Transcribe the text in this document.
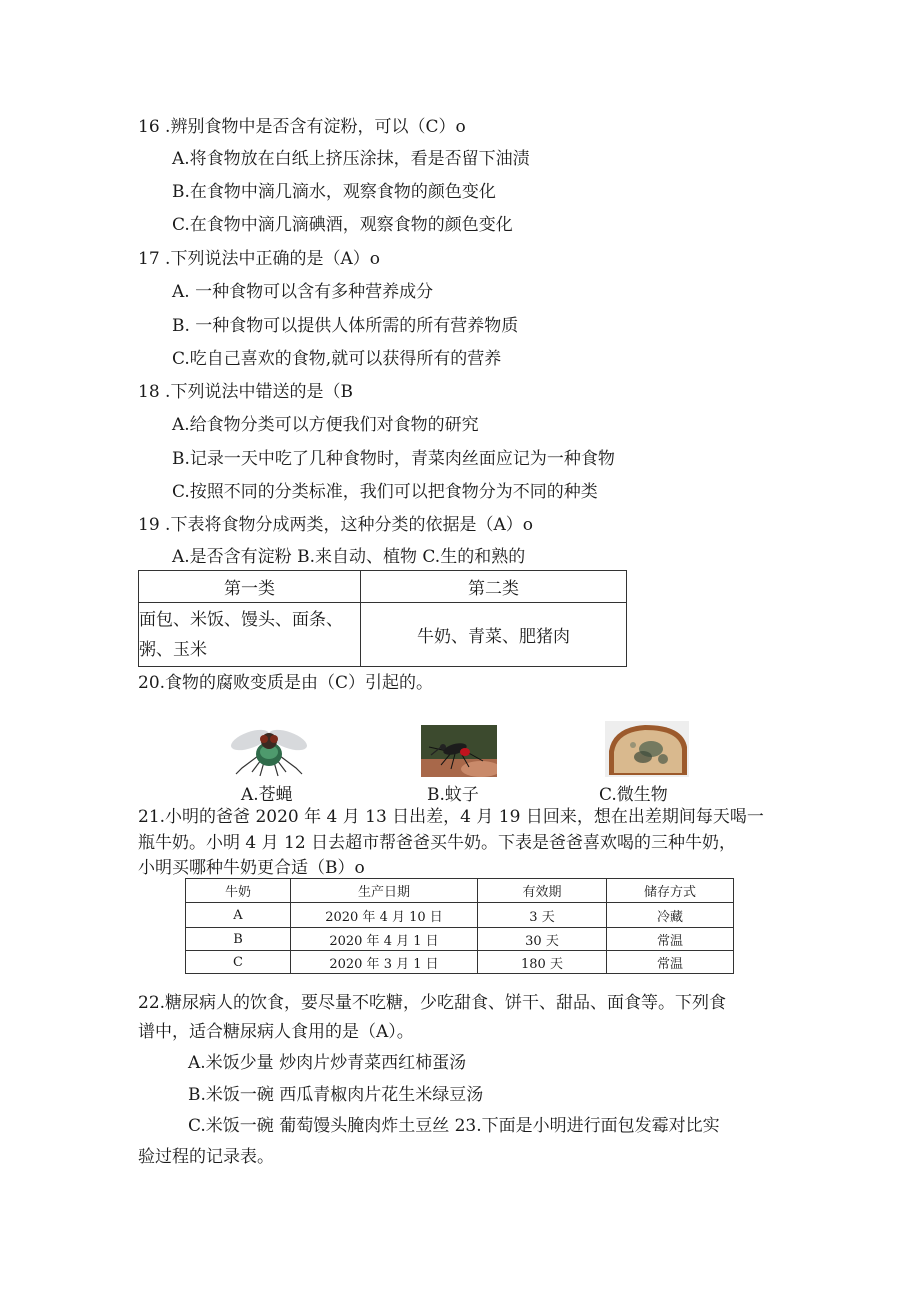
16 .辨别食物中是否含有淀粉，可以（C）o
A.将食物放在白纸上挤压涂抹，看是否留下油渍
B.在食物中滴几滴水，观察食物的颜色变化
C.在食物中滴几滴碘酒，观察食物的颜色变化
17 .下列说法中正确的是（A）o
A. 一种食物可以含有多种营养成分
B. 一种食物可以提供人体所需的所有营养物质
C.吃自己喜欢的食物,就可以获得所有的营养
18 .下列说法中错送的是（B
A.给食物分类可以方便我们对食物的研究
B.记录一天中吃了几种食物时，青菜肉丝面应记为一种食物
C.按照不同的分类标准，我们可以把食物分为不同的种类
19 .下表将食物分成两类，这种分类的依据是（A）o
A.是否含有淀粉 B.来自动、植物 C.生的和熟的
第一类	第二类

面包、米饭、馒头、面条、
粥、玉米	牛奶、青菜、肥猪肉
20.食物的腐败变质是由（C）引起的。
A.苍蝇	B.蚊子	C.微生物
21.小明的爸爸 2020 年 4 月 13 日出差，4 月 19 日回来，想在出差期间每天喝一
瓶牛奶。小明 4 月 12 日去超市帮爸爸买牛奶。下表是爸爸喜欢喝的三种牛奶，
小明买哪种牛奶更合适（B）o
牛奶	生产日期	有效期	储存方式
A	2020 年 4 月 10 日	3 天	冷藏
B	2020 年 4 月 1 日	30 天	常温
C	2020 年 3 月 1 日	180 天	常温
22.糖尿病人的饮食，要尽量不吃糖，少吃甜食、饼干、甜品、面食等。下列食
谱中，适合糖尿病人食用的是（A）。
A.米饭少量 炒肉片炒青菜西红柿蛋汤
B.米饭一碗 西瓜青椒肉片花生米绿豆汤
C.米饭一碗 葡萄馒头腌肉炸土豆丝 23.下面是小明进行面包发霉对比实
验过程的记录表。
